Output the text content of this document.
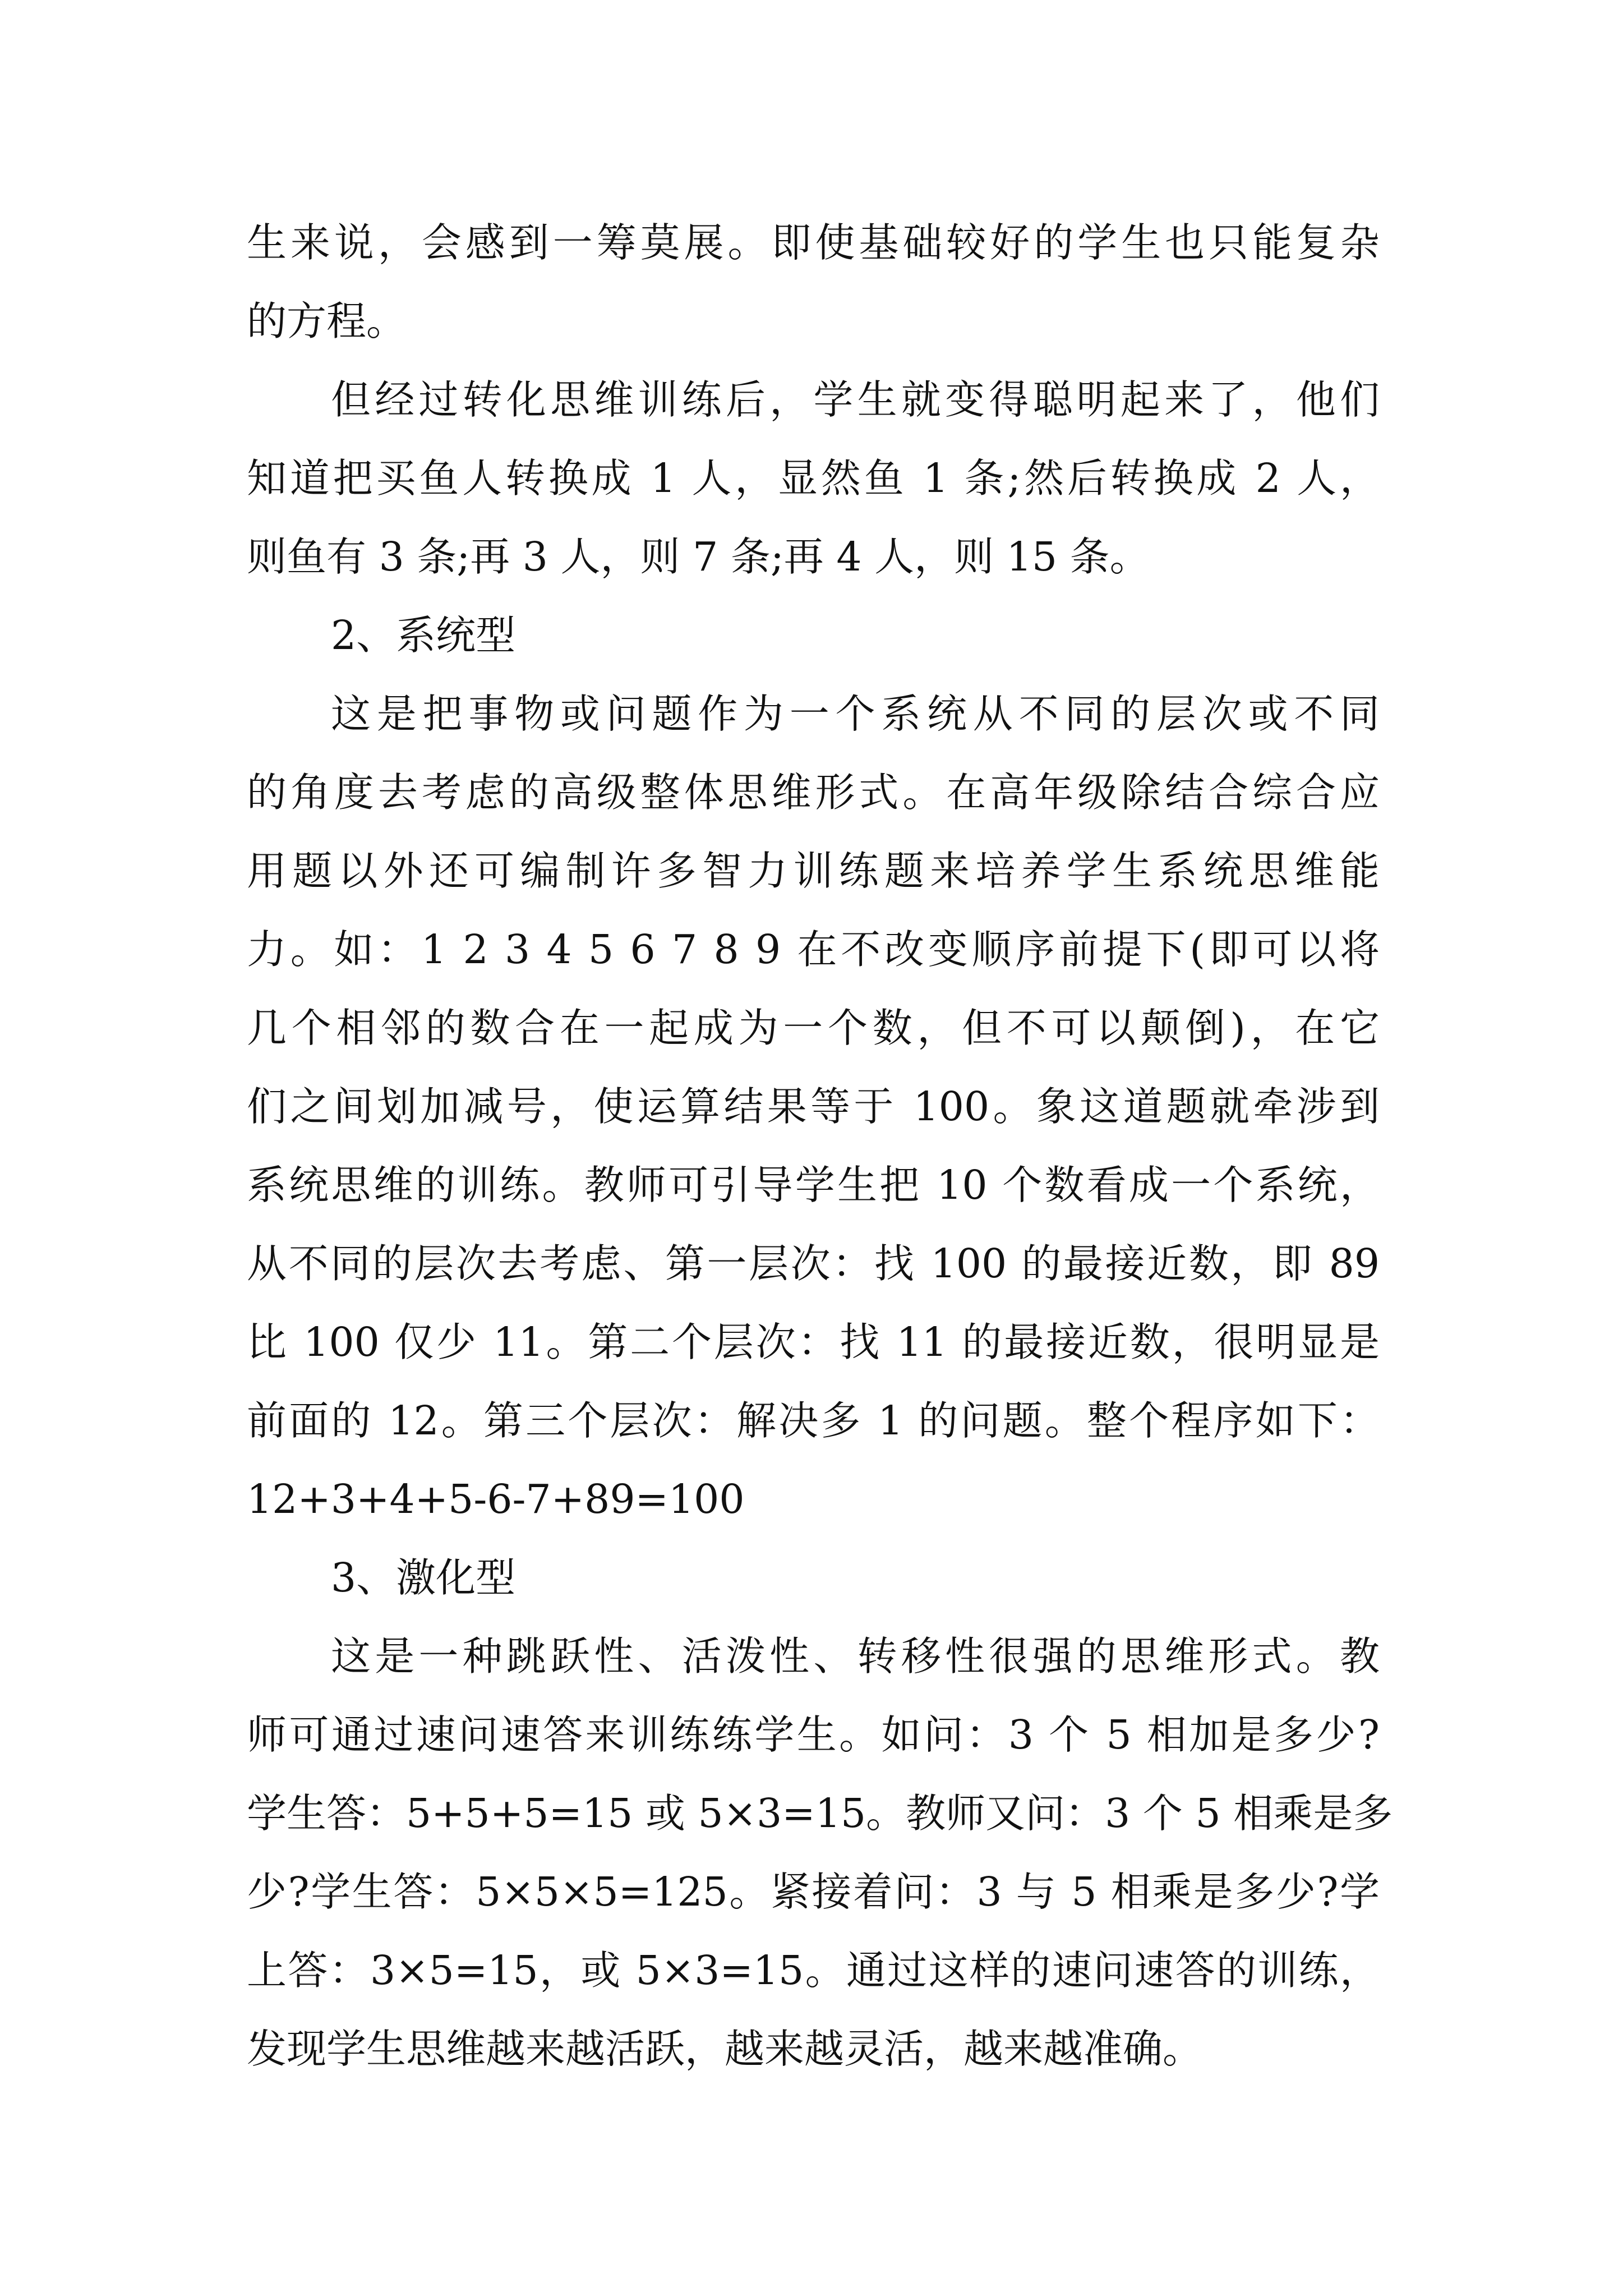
生来说，会感到一筹莫展。即使基础较好的学生也只能复杂
的方程。
但经过转化思维训练后，学生就变得聪明起来了，他们
知道把买鱼人转换成 1 人，显然鱼 1 条;然后转换成 2 人，
则鱼有 3 条;再 3 人，则 7 条;再 4 人，则 15 条。
2、系统型
这是把事物或问题作为一个系统从不同的层次或不同
的角度去考虑的高级整体思维形式。在高年级除结合综合应
用题以外还可编制许多智力训练题来培养学生系统思维能
力。如：1 2 3 4 5 6 7 8 9 在不改变顺序前提下(即可以将
几个相邻的数合在一起成为一个数，但不可以颠倒)，在它
们之间划加减号，使运算结果等于 100。象这道题就牵涉到
系统思维的训练。教师可引导学生把 10 个数看成一个系统，
从不同的层次去考虑、第一层次：找 100 的最接近数，即 89
比 100 仅少 11。第二个层次：找 11 的最接近数，很明显是
前面的 12。第三个层次：解决多 1 的问题。整个程序如下：
12+3+4+5-6-7+89=100
3、激化型
这是一种跳跃性、活泼性、转移性很强的思维形式。教
师可通过速问速答来训练练学生。如问：3 个 5 相加是多少?
学生答：5+5+5=15 或 5×3=15。教师又问：3 个 5 相乘是多
少?学生答：5×5×5=125。紧接着问：3 与 5 相乘是多少?学
上答：3×5=15，或 5×3=15。通过这样的速问速答的训练，
发现学生思维越来越活跃，越来越灵活，越来越准确。
